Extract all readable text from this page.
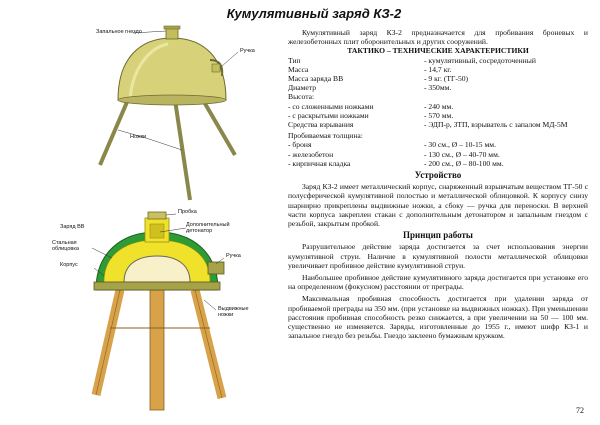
Кумулятивный заряд КЗ-2
Запальное гнездо
Ручка
Ножки
Пробка
Заряд ВВ	Дополнительный детонатор
Стальная облицовка
Корпус
Ручка
Выдвижные ножки

Кумулятивный заряд КЗ-2 предназначается для пробивания броневых и железобетонных плит оборонительных и других сооружений.

ТАКТИКО – ТЕХНИЧЕСКИЕ ХАРАКТЕРИСТИКИ

Тип	- кумулятивный, сосредоточенный
Масса	- 14,7 кг.
Масса заряда ВВ	- 9 кг. (ТГ-50)
Диаметр	- 350мм.

Высота:

- со сложенными ножками	- 240 мм.
- с раскрытыми ножками	- 570 мм.
Средства взрывания	- ЭДП-р, ЗТП, взрыватель с запалом МД-5М

Пробиваемая толщина:

- броня	- 30 см., Ø – 10-15 мм.
- железобетон	- 130 см., Ø – 40-70 мм.
- кирпичная кладка	- 200 см., Ø – 80-100 мм.

Устройство

Заряд КЗ-2 имеет металлический корпус, снаряженный взрывчатым веществом ТГ-50 с полусферической кумулятивной полостью и металлической облицовкой. К корпусу снизу шарнирно прикреплены выдвижные ножки, а сбоку — ручка для переноски. В верхней части корпуса закреплен стакан с дополнительным детонатором и запальным гнездом с резьбой, закрытым пробкой.

Принцип работы

Разрушительное действие заряда достигается за счет использования энергии кумулятивной струи. Наличие в кумулятивной полости металлической облицовки увеличивает пробивное действие кумулятивной струи.

Наибольшее пробивное действие кумулятивного заряда достигается при установке его на определенном (фокусном) расстоянии от преграды.

Максимальная пробивная способность достигается при удалении заряда от пробиваемой преграды на 350 мм. (при установке на выдвижных ножках). При уменьшении расстояния пробивная способность резко снижается, а при увеличении на 50 — 100 мм. существенно не изменяется. Заряды, изготовленные до 1955 г., имеют шифр КЗ-1 и запальное гнездо без резьбы. Гнездо заклеено бумажным кружком.

72
